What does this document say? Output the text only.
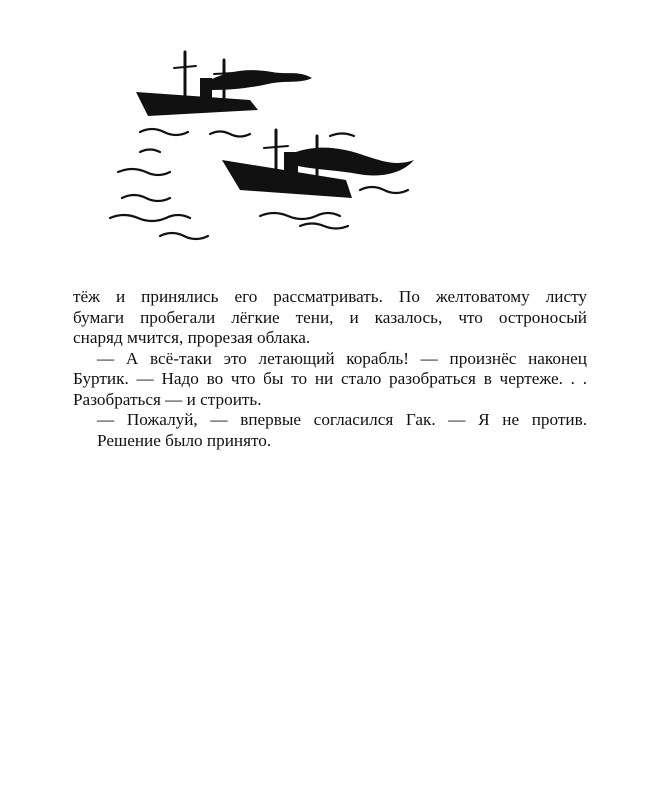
тёж и принялись его рассматривать. По желтоватому листу
бумаги пробегали лёгкие тени, и казалось, что остроносый
снаряд мчится, прорезая облака.
— А всё-таки это летающий корабль! — произнёс наконец
Буртик. — Надо во что бы то ни стало разобраться в чертеже. . .
Разобраться — и строить.
— Пожалуй, — впервые согласился Гак. — Я не против.
Решение было принято.
